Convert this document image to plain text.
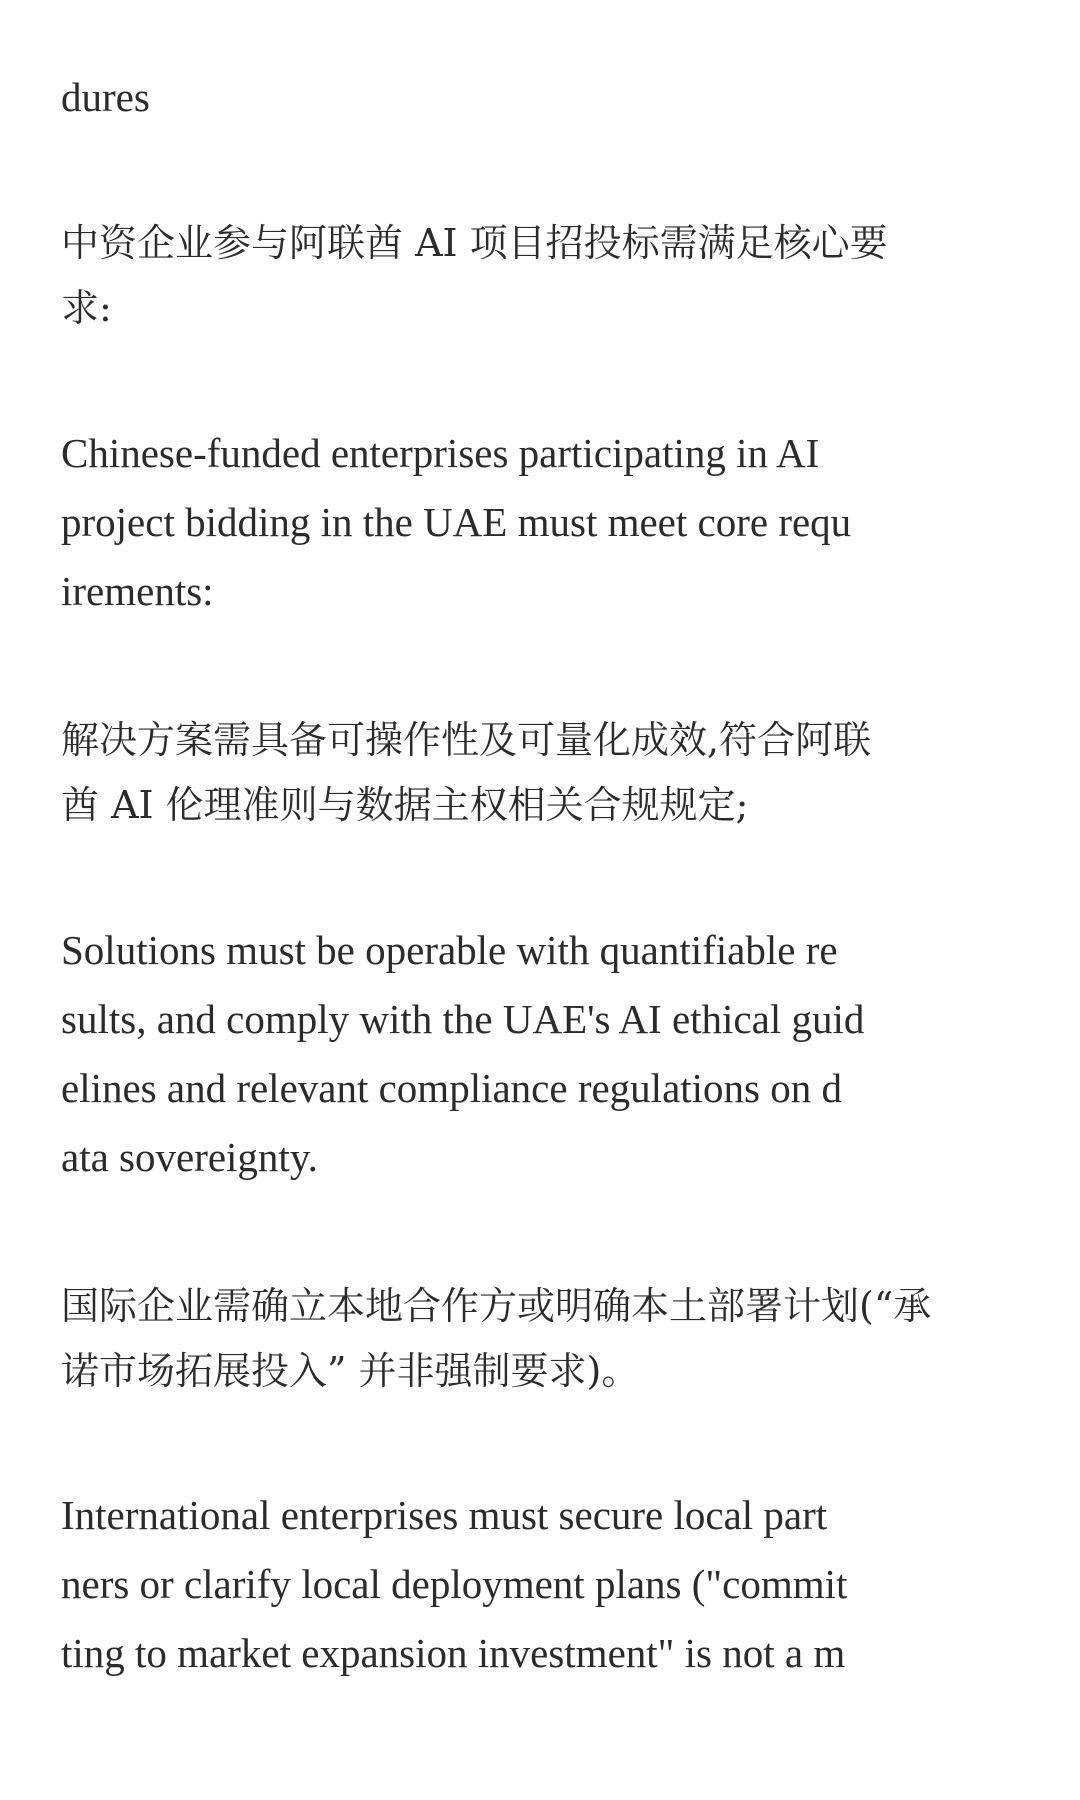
dures
中资企业参与阿联酋 AI 项目招投标需满足核心要
求:
Chinese-funded enterprises participating in AI
project bidding in the UAE must meet core requ
irements:
解决方案需具备可操作性及可量化成效,符合阿联
酋 AI 伦理准则与数据主权相关合规规定;
Solutions must be operable with quantifiable re
sults, and comply with the UAE's AI ethical guid
elines and relevant compliance regulations on d
ata sovereignty.
国际企业需确立本地合作方或明确本土部署计划(“承
诺市场拓展投入” 并非强制要求)。
International enterprises must secure local part
ners or clarify local deployment plans ("commit
ting to market expansion investment" is not a m
